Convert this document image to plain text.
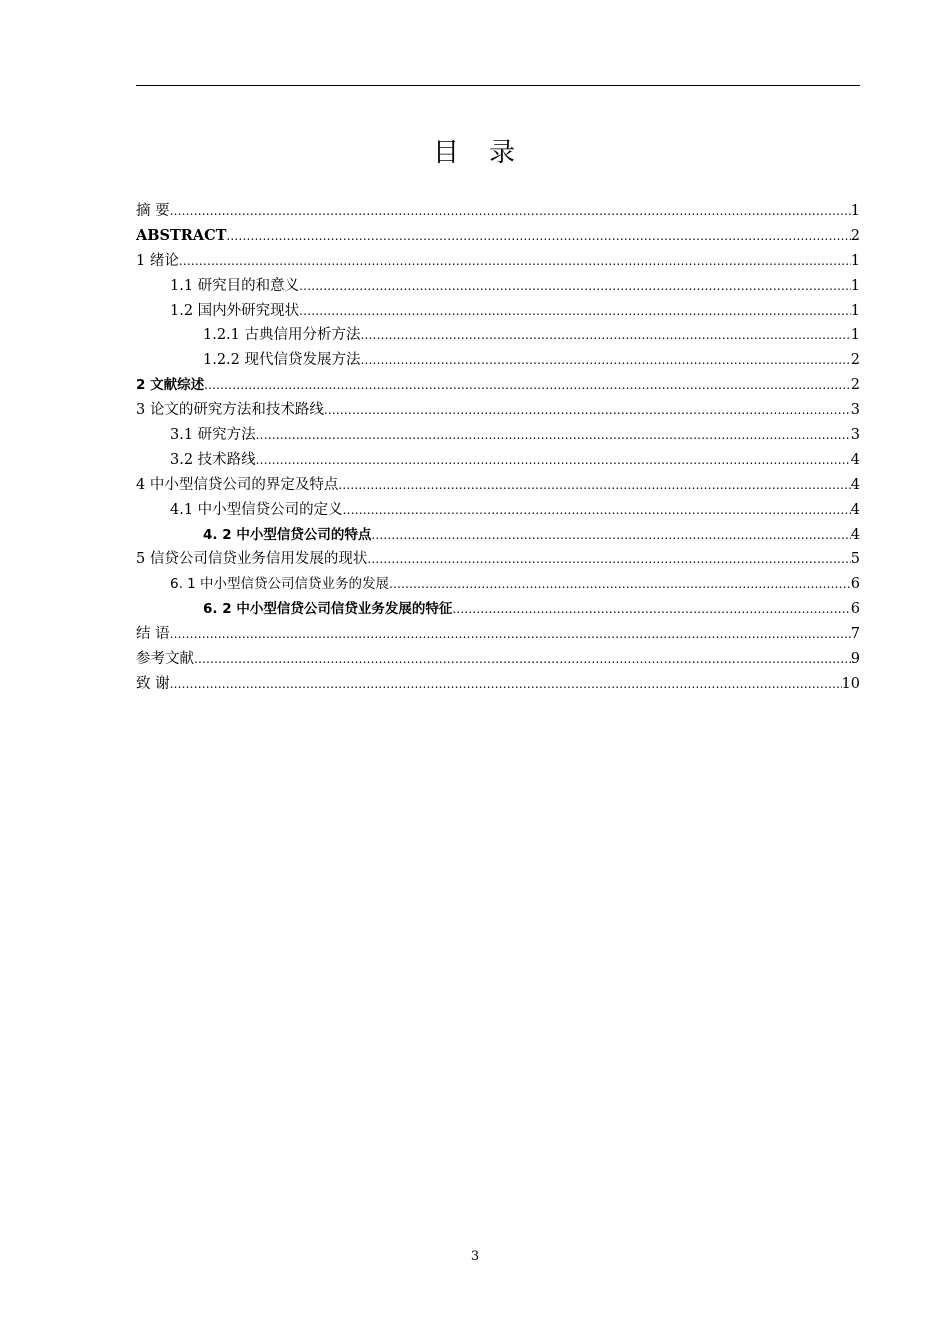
目　录
摘 要 .....	1
ABSTRACT .....	2
1 绪论 .....	1
1.1 研究目的和意义 .....	1
1.2 国内外研究现状 .....	1
1.2.1 古典信用分析方法 .....	1
1.2.2 现代信贷发展方法 .....	2
2 文献综述 .....	2
3 论文的研究方法和技术路线 .....	3
3.1 研究方法 .....	3
3.2 技术路线 .....	4
4 中小型信贷公司的界定及特点 .....	4
4.1 中小型信贷公司的定义 .....	4
4. 2 中小型信贷公司的特点 .....	4
5 信贷公司信贷业务信用发展的现状 .....	5
6. 1 中小型信贷公司信贷业务的发展 .....	6
6. 2 中小型信贷公司信贷业务发展的特征 .....	6
结 语 .....	7
参考文献 .....	9
致 谢 .....	10
3
